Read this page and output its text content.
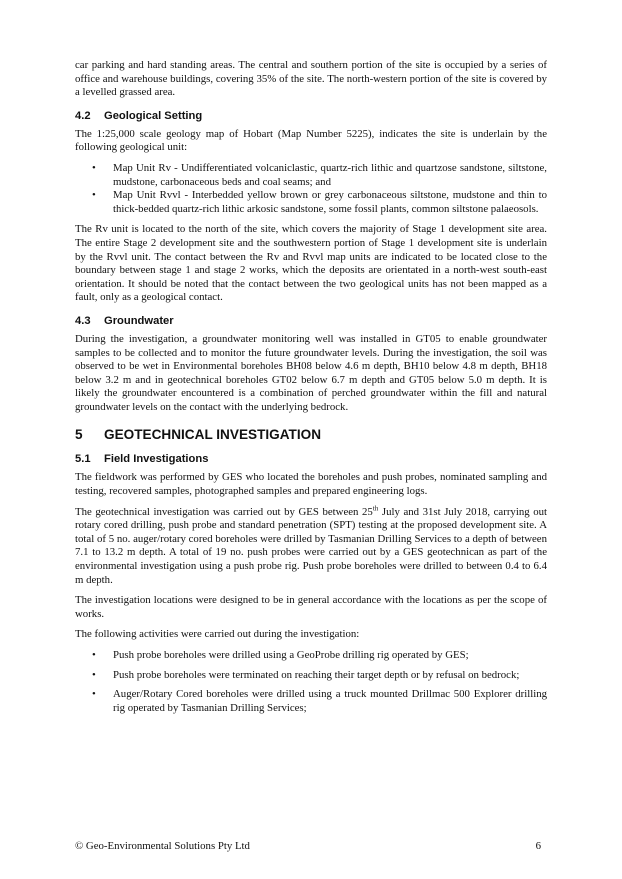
car parking and hard standing areas. The central and southern portion of the site is occupied by a series of office and warehouse buildings, covering 35% of the site. The north-western portion of the site is covered by a levelled grassed area.

4.2 Geological Setting

The 1:25,000 scale geology map of Hobart (Map Number 5225), indicates the site is underlain by the following geological unit:

• Map Unit Rv - Undifferentiated volcaniclastic, quartz-rich lithic and quartzose sandstone, siltstone, mudstone, carbonaceous beds and coal seams; and
• Map Unit Rvvl - Interbedded yellow brown or grey carbonaceous siltstone, mudstone and thin to thick-bedded quartz-rich lithic arkosic sandstone, some fossil plants, common siltstone palaeosols.

The Rv unit is located to the north of the site, which covers the majority of Stage 1 development site area. The entire Stage 2 development site and the southwestern portion of Stage 1 development site is underlain by the Rvvl unit. The contact between the Rv and Rvvl map units are indicated to be located close to the boundary between stage 1 and stage 2 works, which the deposits are orientated in a north-west south-east orientation. It should be noted that the contact between the two geological units has not been mapped as a fault, only as a geological contact.

4.3 Groundwater

During the investigation, a groundwater monitoring well was installed in GT05 to enable groundwater samples to be collected and to monitor the future groundwater levels. During the investigation, the soil was observed to be wet in Environmental boreholes BH08 below 4.6 m depth, BH10 below 4.8 m depth, BH18 below 3.2 m and in geotechnical boreholes GT02 below 6.7 m depth and GT05 below 5.0 m depth. It is likely the groundwater encountered is a combination of perched groundwater within the fill and natural groundwater levels on the contact with the underlying bedrock.

5 GEOTECHNICAL INVESTIGATION
5.1 Field Investigations

The fieldwork was performed by GES who located the boreholes and push probes, nominated sampling and testing, recovered samples, photographed samples and prepared engineering logs.

The geotechnical investigation was carried out by GES between 25th July and 31st July 2018, carrying out rotary cored drilling, push probe and standard penetration (SPT) testing at the proposed development site. A total of 5 no. auger/rotary cored boreholes were drilled by Tasmanian Drilling Services to a depth of between 7.1 to 13.2 m depth. A total of 19 no. push probes were carried out by a GES geotechnican as part of the environmental investigation using a push probe rig. Push probe boreholes were drilled to between 0.4 to 6.4 m depth.

The investigation locations were designed to be in general accordance with the locations as per the scope of works.

The following activities were carried out during the investigation:

• Push probe boreholes were drilled using a GeoProbe drilling rig operated by GES;
• Push probe boreholes were terminated on reaching their target depth or by refusal on bedrock;
• Auger/Rotary Cored boreholes were drilled using a truck mounted Drillmac 500 Explorer drilling rig operated by Tasmanian Drilling Services;
© Geo-Environmental Solutions Pty Ltd	6
